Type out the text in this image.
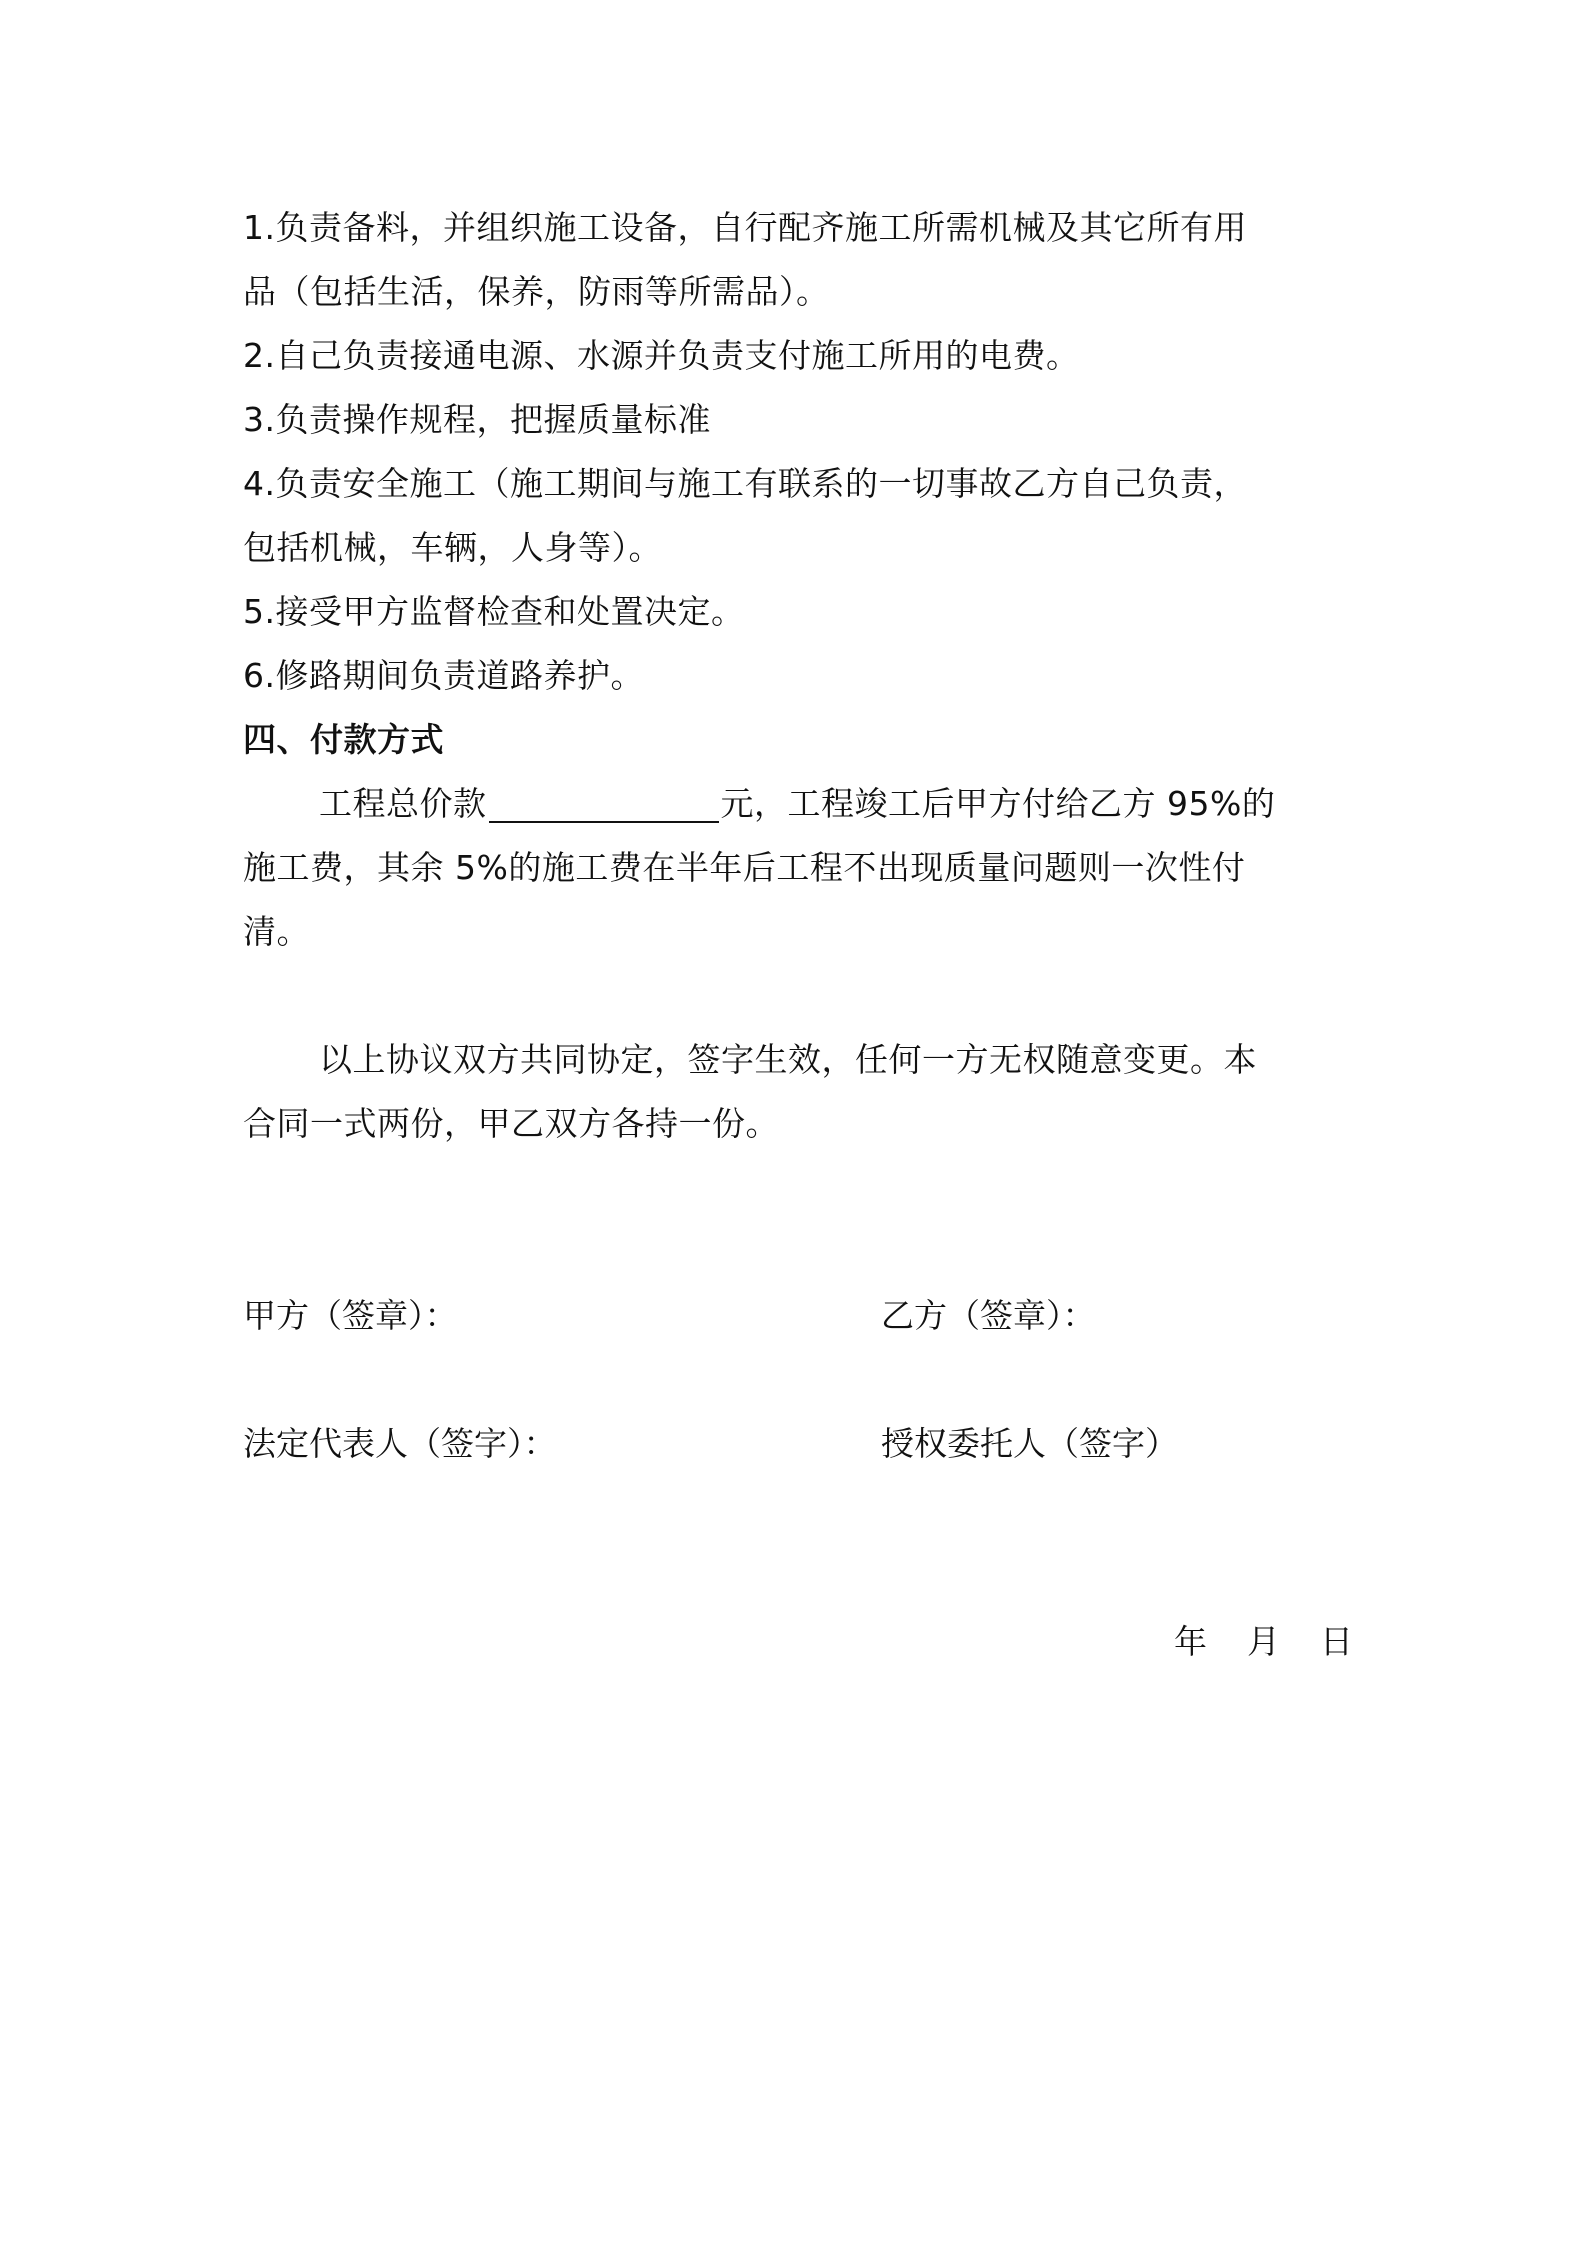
1.负责备料，并组织施工设备，自行配齐施工所需机械及其它所有用
品（包括生活，保养，防雨等所需品）。
2.自己负责接通电源、水源并负责支付施工所用的电费。
3.负责操作规程，把握质量标准
4.负责安全施工（施工期间与施工有联系的一切事故乙方自己负责，
包括机械，车辆，人身等）。
5.接受甲方监督检查和处置决定。
6.修路期间负责道路养护。
四、付款方式
工程总价款	元，工程竣工后甲方付给乙方 95%的
施工费，其余 5%的施工费在半年后工程不出现质量问题则一次性付
清。
以上协议双方共同协定，签字生效，任何一方无权随意变更。本
合同一式两份，甲乙双方各持一份。
甲方（签章）：	乙方（签章）：
法定代表人（签字）：	授权委托人（签字）
年 月 日
